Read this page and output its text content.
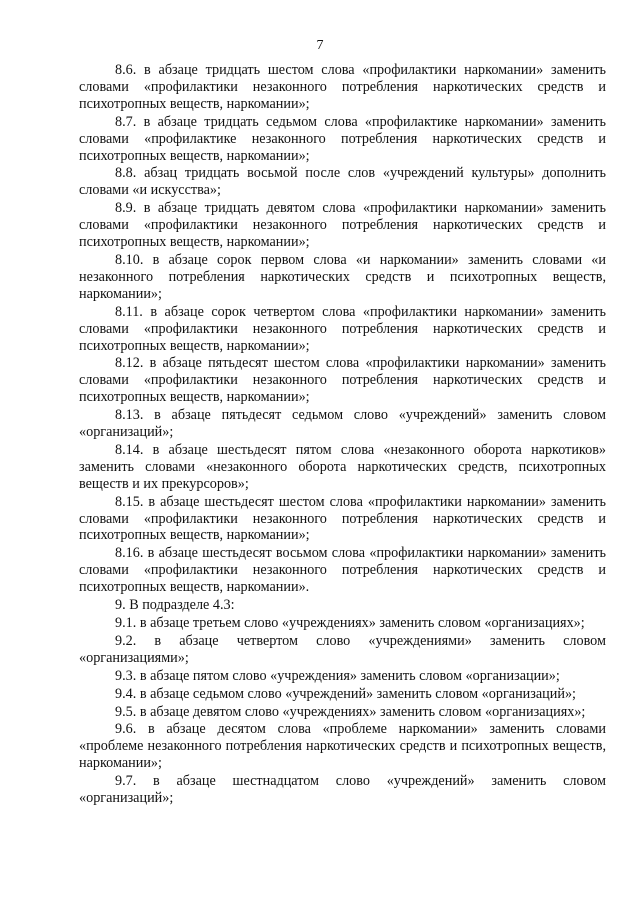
7

8.6. в абзаце тридцать шестом слова «профилактики наркомании» заменить словами «профилактики незаконного потребления наркотических средств и психотропных веществ, наркомании»;

8.7. в абзаце тридцать седьмом слова «профилактике наркомании» заменить словами «профилактике незаконного потребления наркотических средств и психотропных веществ, наркомании»;

8.8. абзац тридцать восьмой после слов «учреждений культуры» дополнить словами «и искусства»;

8.9. в абзаце тридцать девятом слова «профилактики наркомании» заменить словами «профилактики незаконного потребления наркотических средств и психотропных веществ, наркомании»;

8.10. в абзаце сорок первом слова «и наркомании» заменить словами «и незаконного потребления наркотических средств и психотропных веществ, наркомании»;

8.11. в абзаце сорок четвертом слова «профилактики наркомании» заменить словами «профилактики незаконного потребления наркотических средств и психотропных веществ, наркомании»;

8.12. в абзаце пятьдесят шестом слова «профилактики наркомании» заменить словами «профилактики незаконного потребления наркотических средств и психотропных веществ, наркомании»;

8.13. в абзаце пятьдесят седьмом слово «учреждений» заменить словом «организаций»;

8.14. в абзаце шестьдесят пятом слова «незаконного оборота наркотиков» заменить словами «незаконного оборота наркотических средств, психотропных веществ и их прекурсоров»;

8.15. в абзаце шестьдесят шестом слова «профилактики наркомании» заменить словами «профилактики незаконного потребления наркотических средств и психотропных веществ, наркомании»;

8.16. в абзаце шестьдесят восьмом слова «профилактики наркомании» заменить словами «профилактики незаконного потребления наркотических средств и психотропных веществ, наркомании».

9. В подразделе 4.3:

9.1. в абзаце третьем слово «учреждениях» заменить словом «организациях»;

9.2. в абзаце четвертом слово «учреждениями» заменить словом «организациями»;

9.3. в абзаце пятом слово «учреждения» заменить словом «организации»;

9.4. в абзаце седьмом слово «учреждений» заменить словом «организаций»;

9.5. в абзаце девятом слово «учреждениях» заменить словом «организациях»;

9.6. в абзаце десятом слова «проблеме наркомании» заменить словами «проблеме незаконного потребления наркотических средств и психотропных веществ, наркомании»;

9.7. в абзаце шестнадцатом слово «учреждений» заменить словом «организаций»;
